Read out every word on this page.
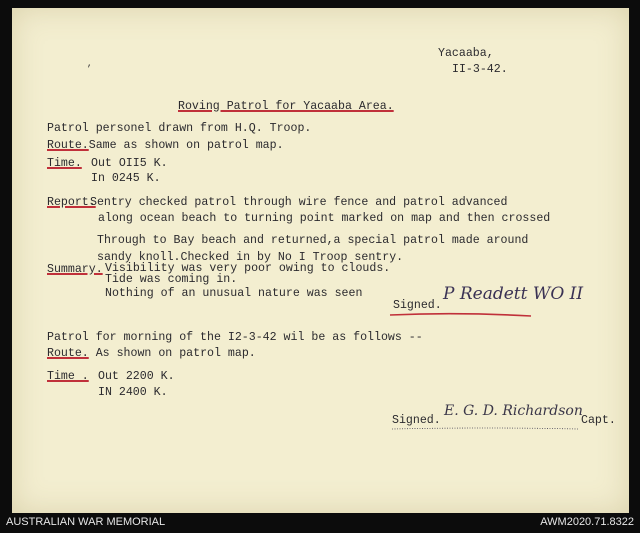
Yacaaba,
II-3-42.
Roving Patrol for Yacaaba Area.
Patrol personel drawn from H.Q. Troop.
Route.Same as shown on patrol map.
Time. Out OII5 K.
In 0245 K.
Report.
Sentry checked patrol through wire fence and patrol advanced
along ocean beach to turning point marked on map and then crossed
Through to Bay beach and returned,a special patrol made around
sandy knoll.Checked in by No I Troop sentry.
Summary. Visibility was very poor owing to clouds.
Tide was coming in.
Nothing of an unusual nature was seen
Signed.
P Readett WO II
Patrol for morning of the I2-3-42 wil be as follows --
Route. As shown on patrol map.
Time . Out 2200 K.
IN 2400 K.
Signed.
E. G. D. Richardson
Capt.
,
AUSTRALIAN WAR MEMORIAL	AWM2020.71.8322
